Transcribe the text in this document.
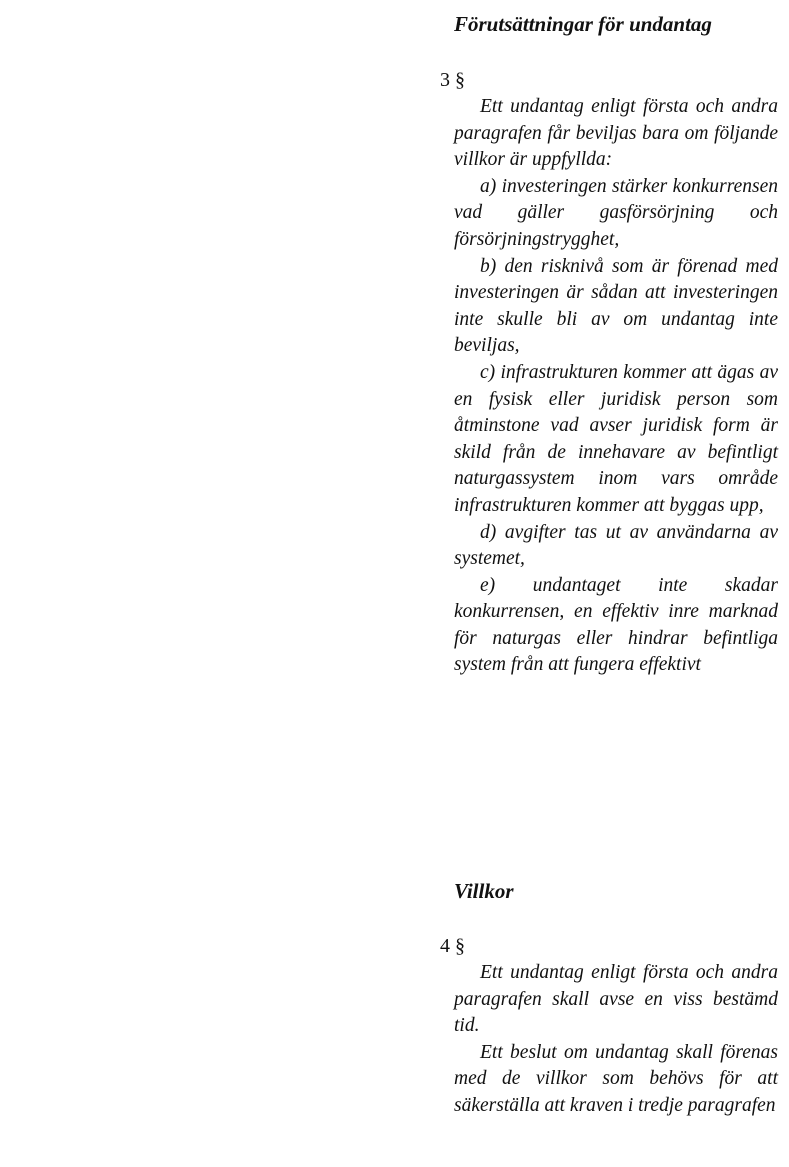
Förutsättningar för undantag
3 §

Ett undantag enligt första och andra paragrafen får beviljas bara om följande villkor är uppfyllda:

a) investeringen stärker konkurrensen vad gäller gasförsörjning och försörjningstrygghet,

b) den risknivå som är förenad med investeringen är sådan att investeringen inte skulle bli av om undantag inte beviljas,

c) infrastrukturen kommer att ägas av en fysisk eller juridisk person som åtminstone vad avser juridisk form är skild från de innehavare av befintligt naturgassystem inom vars område infrastrukturen kommer att byggas upp,

d) avgifter tas ut av användarna av systemet,

e) undantaget inte skadar konkurrensen, en effektiv inre marknad för naturgas eller hindrar befintliga system från att fungera effektivt

Villkor
4 §

Ett undantag enligt första och andra paragrafen skall avse en viss bestämd tid.

Ett beslut om undantag skall förenas med de villkor som behövs för att säkerställa att kraven i tredje paragrafen
